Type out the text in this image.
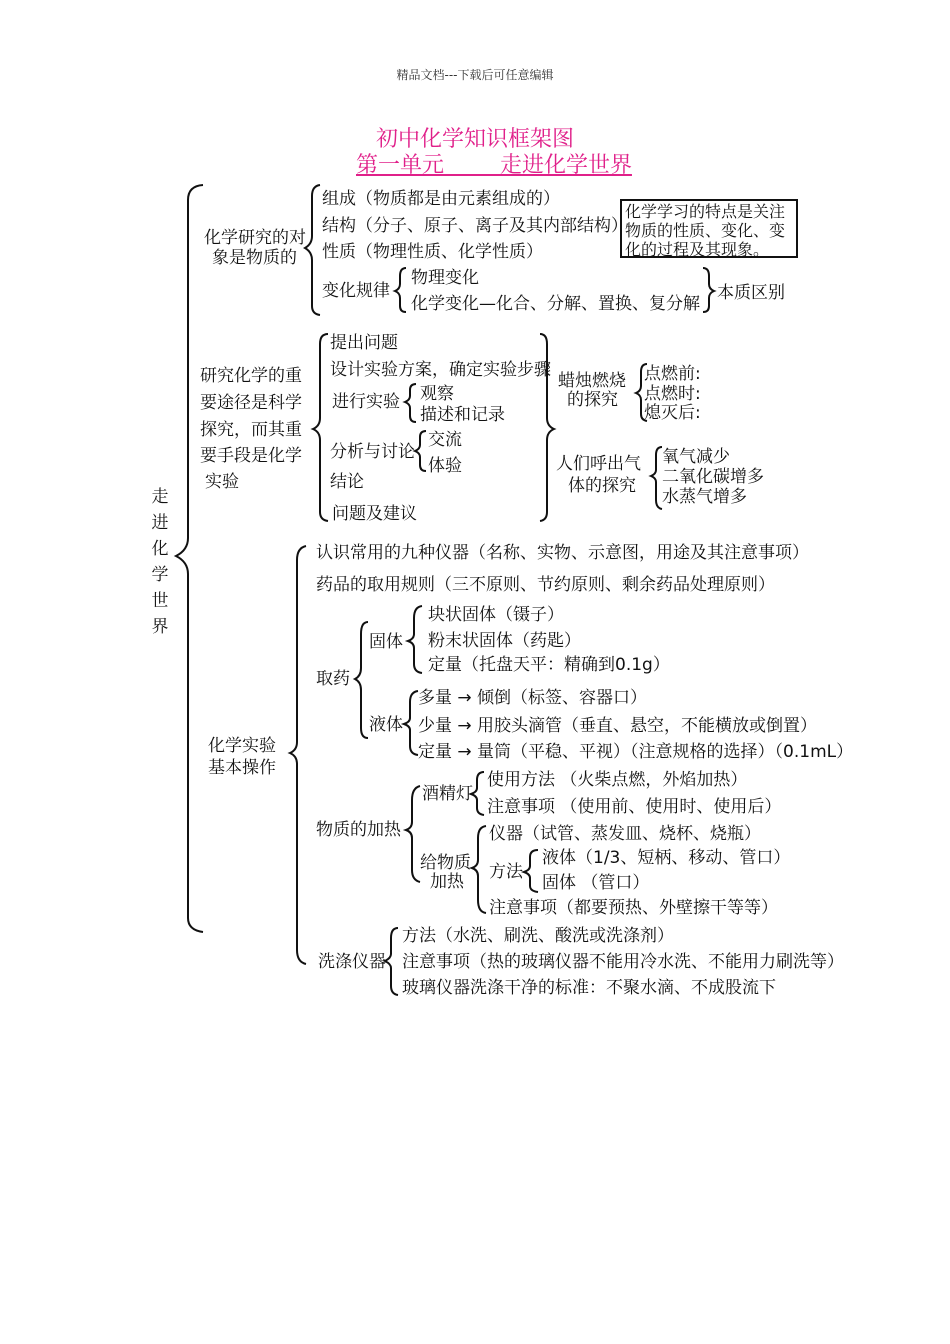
精品文档---下载后可任意编辑
初中化学知识框架图
第一单元        走进化学世界
走进化学世界
化学研究的对
象是物质的
组成（物质都是由元素组成的）
结构（分子、原子、离子及其内部结构）
性质（物理性质、化学性质）
变化规律
物理变化
化学变化—化合、分解、置换、复分解
本质区别
化学学习的特点是关注物质的性质、变化、变化的过程及其现象。
研究化学的重
要途径是科学
探究，而其重
要手段是化学
实验
提出问题
设计实验方案，确定实验步骤
进行实验 观察
描述和记录
分析与讨论
交流
体验
结论
问题及建议
蜡烛燃烧
的探究
点燃前:
点燃时:
熄灭后:
人们呼出气
体的探究
氧气减少
二氧化碳增多
水蒸气增多
化学实验
基本操作
认识常用的九种仪器（名称、实物、示意图，用途及其注意事项）
药品的取用规则（三不原则、节约原则、剩余药品处理原则）
取药
固体
块状固体（镊子）
粉末状固体（药匙）
定量（托盘天平：精确到0.1g）
液体
多量 → 倾倒（标签、容器口）
少量 → 用胶头滴管（垂直、悬空，不能横放或倒置）
定量 → 量筒（平稳、平视）（注意规格的选择）（0.1mL）
物质的加热
酒精灯
使用方法 （火柴点燃，外焰加热）
注意事项 （使用前、使用时、使用后）
给物质
加热
仪器（试管、蒸发皿、烧杯、烧瓶）
方法
液体（1/3、短柄、移动、管口）
固体 （管口）
注意事项（都要预热、外壁擦干等等）
洗涤仪器
方法（水洗、刷洗、酸洗或洗涤剂）
注意事项（热的玻璃仪器不能用冷水洗、不能用力刷洗等）
玻璃仪器洗涤干净的标准：不聚水滴、不成股流下
